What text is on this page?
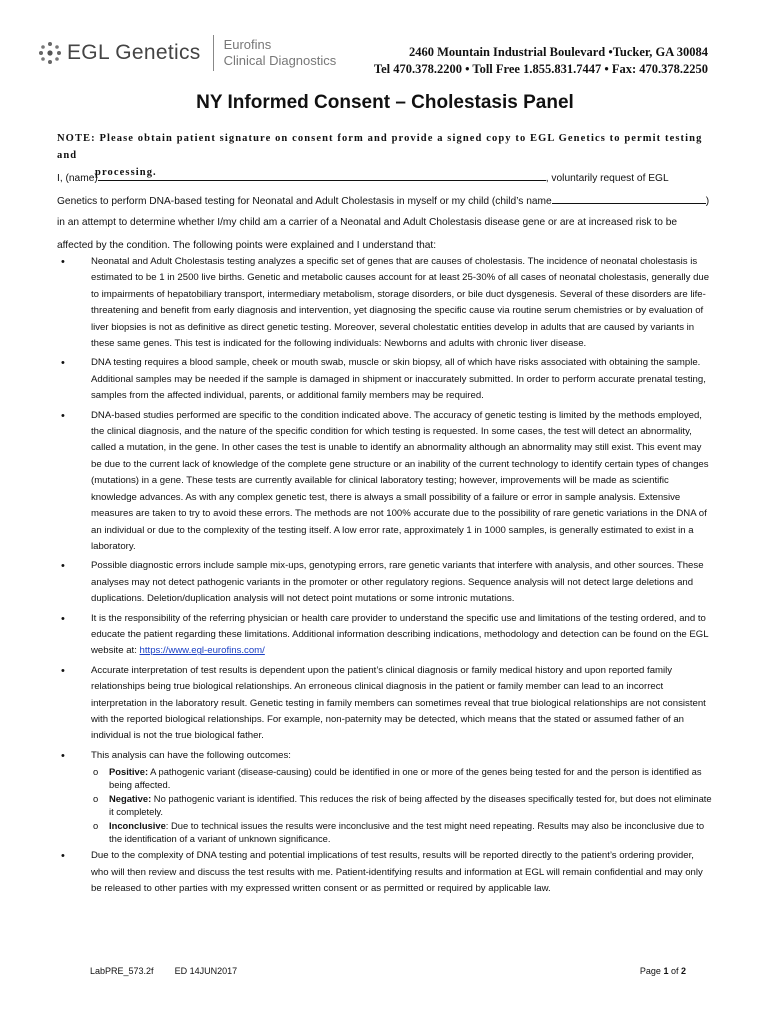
EGL Genetics Eurofins
Clinical Diagnostics
2460 Mountain Industrial Boulevard •Tucker, GA 30084
Tel 470.378.2200 • Toll Free 1.855.831.7447 • Fax: 470.378.2250
NY Informed Consent – Cholestasis Panel
NOTE: Please obtain patient signature on consent form and provide a signed copy to EGL Genetics to permit testing and
processing.
I, (name)	, voluntarily request of EGL
Genetics to perform DNA-based testing for Neonatal and Adult Cholestasis in myself or my child (child’s name	)
in an attempt to determine whether I/my child am a carrier of a Neonatal and Adult Cholestasis disease gene or are at increased risk to be
affected by the condition. The following points were explained and I understand that:
•	Neonatal and Adult Cholestasis testing analyzes a specific set of genes that are causes of cholestasis. The incidence of neonatal cholestasis is estimated to be 1 in 2500 live births. Genetic and metabolic causes account for at least 25-30% of all cases of neonatal cholestasis, generally due to impairments of hepatobiliary transport, intermediary metabolism, storage disorders, or bile duct dysgenesis. Several of these disorders are life-threatening and benefit from early diagnosis and intervention, yet diagnosing the specific cause via routine serum chemistries or by evaluation of liver biopsies is not as definitive as direct genetic testing. Moreover, several cholestatic entities develop in adults that are caused by variants in these same genes. This test is indicated for the following individuals: Newborns and adults with chronic liver disease.
•	DNA testing requires a blood sample, cheek or mouth swab, muscle or skin biopsy, all of which have risks associated with obtaining the sample. Additional samples may be needed if the sample is damaged in shipment or inaccurately submitted. In order to perform accurate prenatal testing, samples from the affected individual, parents, or additional family members may be required.
•	DNA-based studies performed are specific to the condition indicated above. The accuracy of genetic testing is limited by the methods employed, the clinical diagnosis, and the nature of the specific condition for which testing is requested. In some cases, the test will detect an abnormality, called a mutation, in the gene. In other cases the test is unable to identify an abnormality although an abnormality may still exist. This event may be due to the current lack of knowledge of the complete gene structure or an inability of the current technology to identify certain types of changes (mutations) in a gene. These tests are currently available for clinical laboratory testing; however, improvements will be made as scientific knowledge advances. As with any complex genetic test, there is always a small possibility of a failure or error in sample analysis. Extensive measures are taken to try to avoid these errors. The methods are not 100% accurate due to the possibility of rare genetic variations in the DNA of an individual or due to the complexity of the testing itself. A low error rate, approximately 1 in 1000 samples, is generally estimated to exist in a laboratory.
•	Possible diagnostic errors include sample mix-ups, genotyping errors, rare genetic variants that interfere with analysis, and other sources. These analyses may not detect pathogenic variants in the promoter or other regulatory regions. Sequence analysis will not detect large deletions and duplications. Deletion/duplication analysis will not detect point mutations or some intronic mutations.
•	It is the responsibility of the referring physician or health care provider to understand the specific use and limitations of the testing ordered, and to educate the patient regarding these limitations. Additional information describing indications, methodology and detection can be found on the EGL website at: https://www.egl-eurofins.com/
•	Accurate interpretation of test results is dependent upon the patient’s clinical diagnosis or family medical history and upon reported family relationships being true biological relationships. An erroneous clinical diagnosis in the patient or family member can lead to an incorrect interpretation in the laboratory result. Genetic testing in family members can sometimes reveal that true biological relationships are not consistent with the reported biological relationships. For example, non-paternity may be detected, which means that the stated or assumed father of an individual is not the true biological father.
•	This analysis can have the following outcomes:
o Positive: A pathogenic variant (disease-causing) could be identified in one or more of the genes being tested for and the person is identified as being affected.
o Negative: No pathogenic variant is identified. This reduces the risk of being affected by the diseases specifically tested for, but does not eliminate it completely.
o Inconclusive: Due to technical issues the results were inconclusive and the test might need repeating. Results may also be inconclusive due to the identification of a variant of unknown significance.
•	Due to the complexity of DNA testing and potential implications of test results, results will be reported directly to the patient’s ordering provider, who will then review and discuss the test results with me. Patient-identifying results and information at EGL will remain confidential and may only be released to other parties with my expressed written consent or as permitted or required by applicable law.
LabPRE_573.2f ED 14JUN2017	Page 1 of 2
